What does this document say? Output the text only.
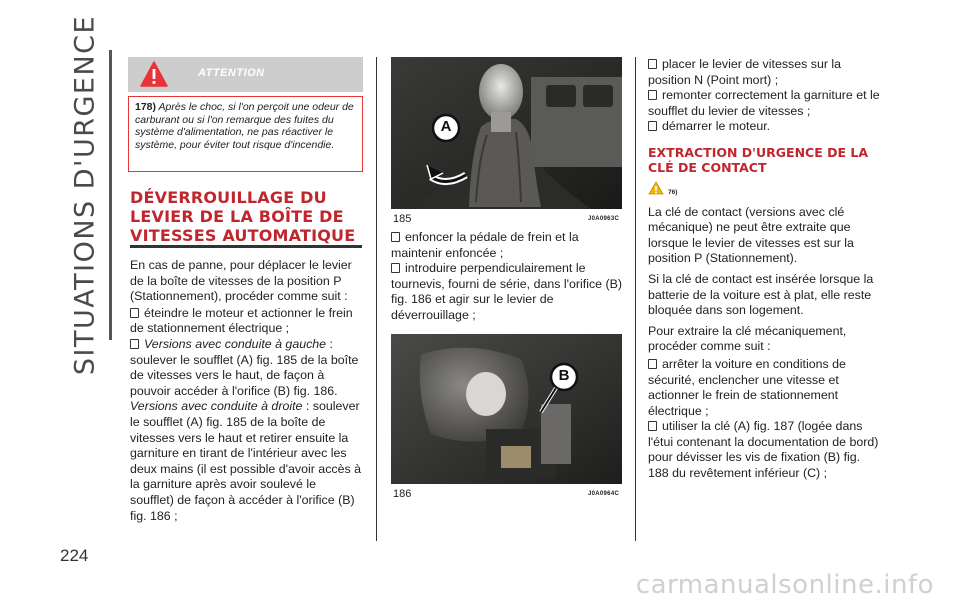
SITUATIONS D'URGENCE
224
ATTENTION
178) Après le choc, si l'on perçoit une odeur de carburant ou si l'on remarque des fuites du système d'alimentation, ne pas réactiver le système, pour éviter tout risque d'incendie.
DÉVERROUILLAGE DU LEVIER DE LA BOÎTE DE VITESSES AUTOMATIQUE

En cas de panne, pour déplacer le levier de la boîte de vitesses de la position P (Stationnement), procéder comme suit :

éteindre le moteur et actionner le frein de stationnement électrique ;
Versions avec conduite à gauche : soulever le soufflet (A) fig. 185 de la boîte de vitesses vers le haut, de façon à pouvoir accéder à l'orifice (B) fig. 186. Versions avec conduite à droite : soulever le soufflet (A) fig. 185 de la boîte de vitesses vers le haut et retirer ensuite la garniture en tirant de l'intérieur avec les deux mains (il est possible d'avoir accès à la garniture après avoir soulevé le soufflet) de façon à accéder à l'orifice (B) fig. 186 ;
A
185	J0A0963C
enfoncer la pédale de frein et la maintenir enfoncée ;
introduire perpendiculairement le tournevis, fourni de série, dans l'orifice (B) fig. 186 et agir sur le levier de déverrouillage ;
B
186	J0A0964C
placer le levier de vitesses sur la position N (Point mort) ;
remonter correctement la garniture et le soufflet du levier de vitesses ;
démarrer le moteur.
EXTRACTION D'URGENCE DE LA CLÉ DE CONTACT
76)

La clé de contact (versions avec clé mécanique) ne peut être extraite que lorsque le levier de vitesses est sur la position P (Stationnement).

Si la clé de contact est insérée lorsque la batterie de la voiture est à plat, elle reste bloquée dans son logement.

Pour extraire la clé mécaniquement, procéder comme suit :

arrêter la voiture en conditions de sécurité, enclencher une vitesse et actionner le frein de stationnement électrique ;
utiliser la clé (A) fig. 187 (logée dans l'étui contenant la documentation de bord) pour dévisser les vis de fixation (B) fig. 188 du revêtement inférieur (C) ;
carmanualsonline.info
